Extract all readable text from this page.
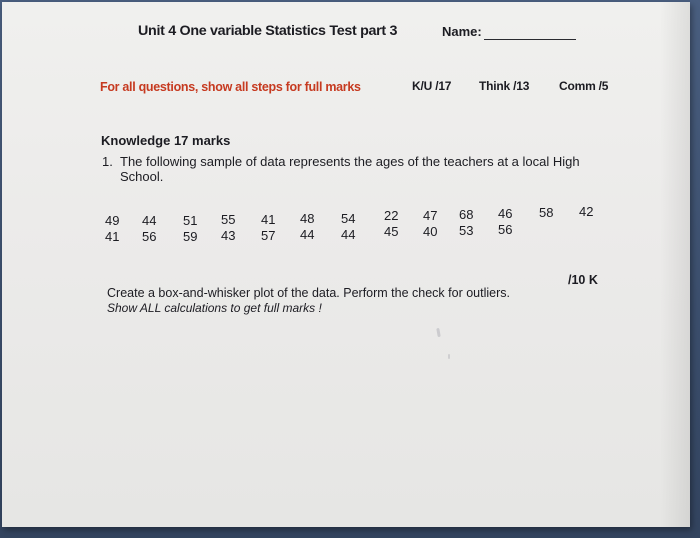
Unit 4 One variable Statistics Test part 3	Name:
For all questions, show all steps for full marks	K/U /17 Think /13 Comm /5
Knowledge 17 marks
1. The following sample of data represents the ages of the teachers at a local High School.
49 44 51 55 41 48 54 22 47 68 46 58 42
41 56 59 43 57 44 44 45 40 53 56
Create a box-and-whisker plot of the data. Perform the check for outliers.
Show ALL calculations to get full marks !
/10 K
